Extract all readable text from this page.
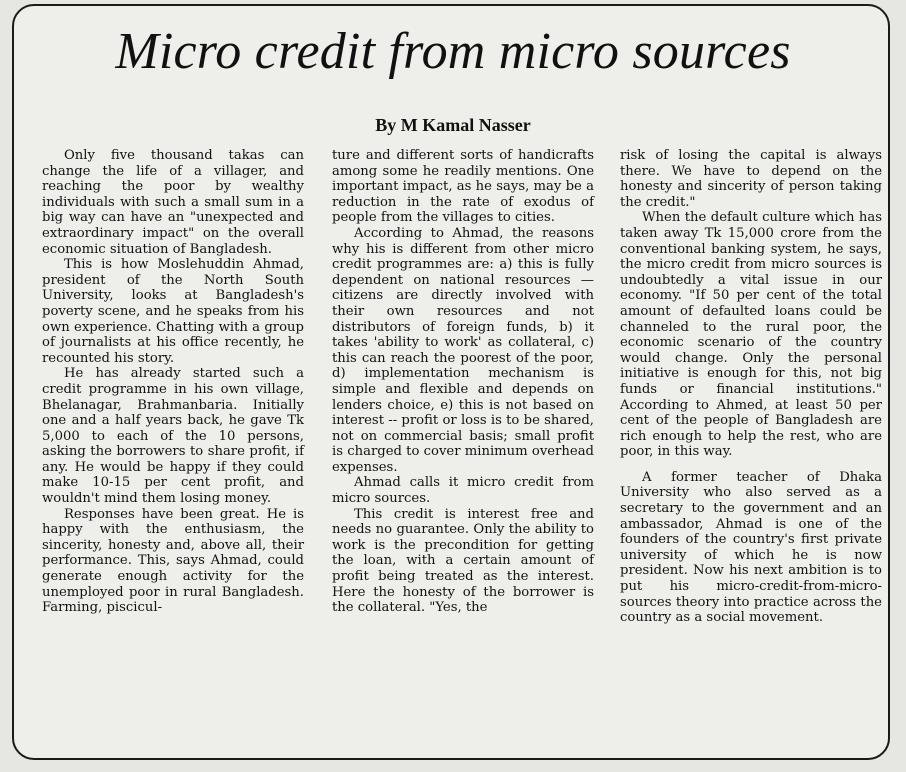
Micro credit from micro sources
By M Kamal Nasser

Only five thousand takas can change the life of a villager, and reaching the poor by wealthy individuals with such a small sum in a big way can have an "unexpected and extraordinary impact" on the overall economic situation of Bangladesh.

This is how Moslehuddin Ahmad, president of the North South University, looks at Bangladesh's poverty scene, and he speaks from his own experience. Chatting with a group of journalists at his office recently, he recounted his story.

He has already started such a credit programme in his own village, Bhelanagar, Brahmanbaria. Initially one and a half years back, he gave Tk 5,000 to each of the 10 persons, asking the borrowers to share profit, if any. He would be happy if they could make 10-15 per cent profit, and wouldn't mind them losing money.

Responses have been great. He is happy with the enthusiasm, the sincerity, honesty and, above all, their performance. This, says Ahmad, could generate enough activity for the unemployed poor in rural Bangladesh. Farming, piscicul-

ture and different sorts of handicrafts among some he readily mentions. One important impact, as he says, may be a reduction in the rate of exodus of people from the villages to cities.

According to Ahmad, the reasons why his is different from other micro credit programmes are: a) this is fully dependent on national resources — citizens are directly involved with their own resources and not distributors of foreign funds, b) it takes 'ability to work' as collateral, c) this can reach the poorest of the poor, d) implementation mechanism is simple and flexible and depends on lenders choice, e) this is not based on interest -- profit or loss is to be shared, not on commercial basis; small profit is charged to cover minimum overhead expenses.

Ahmad calls it micro credit from micro sources.

This credit is interest free and needs no guarantee. Only the ability to work is the precondition for getting the loan, with a certain amount of profit being treated as the interest. Here the honesty of the borrower is the collateral. "Yes, the

risk of losing the capital is always there. We have to depend on the honesty and sincerity of person taking the credit."

When the default culture which has taken away Tk 15,000 crore from the conventional banking system, he says, the micro credit from micro sources is undoubtedly a vital issue in our economy. "If 50 per cent of the total amount of defaulted loans could be channeled to the rural poor, the economic scenario of the country would change. Only the personal initiative is enough for this, not big funds or financial institutions." According to Ahmed, at least 50 per cent of the people of Bangladesh are rich enough to help the rest, who are poor, in this way.

A former teacher of Dhaka University who also served as a secretary to the government and an ambassador, Ahmad is one of the founders of the country's first private university of which he is now president. Now his next ambition is to put his micro-credit-from-micro-sources theory into practice across the country as a social movement.
